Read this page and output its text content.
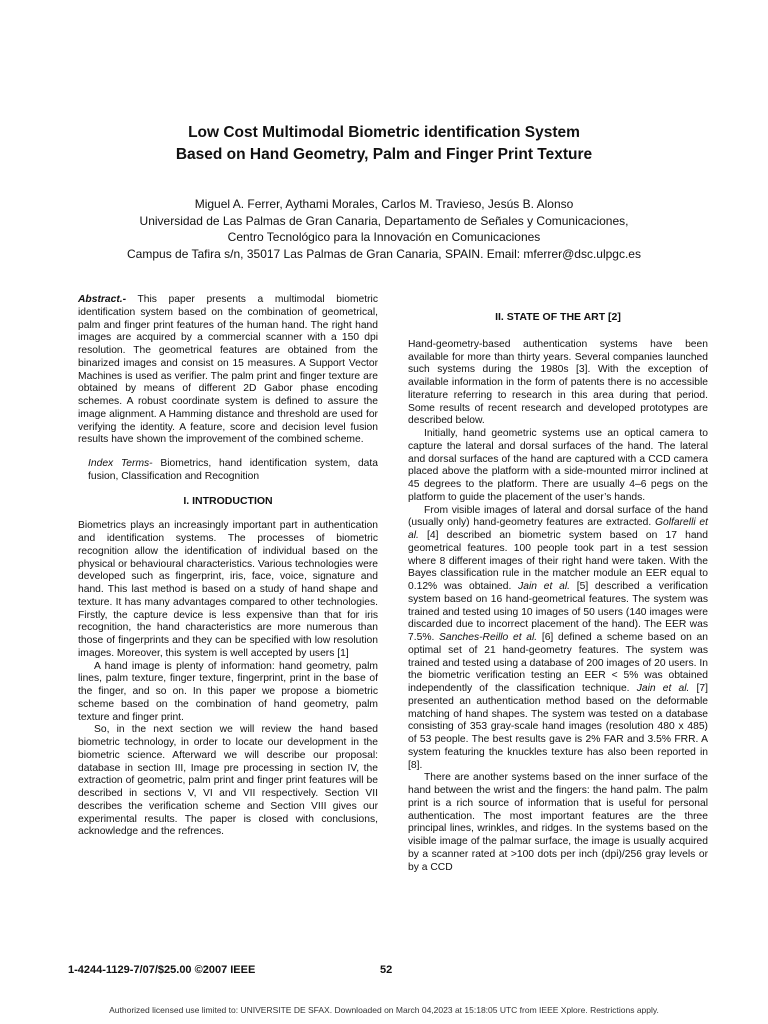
Low Cost Multimodal Biometric identification System
Based on Hand Geometry, Palm and Finger Print Texture
Miguel A. Ferrer, Aythami Morales, Carlos M. Travieso, Jesús B. Alonso
Universidad de Las Palmas de Gran Canaria, Departamento de Señales y Comunicaciones,
Centro Tecnológico para la Innovación en Comunicaciones
Campus de Tafira s/n, 35017 Las Palmas de Gran Canaria, SPAIN. Email: mferrer@dsc.ulpgc.es

Abstract.- This paper presents a multimodal biometric identification system based on the combination of geometrical, palm and finger print features of the human hand. The right hand images are acquired by a commercial scanner with a 150 dpi resolution. The geometrical features are obtained from the binarized images and consist on 15 measures. A Support Vector Machines is used as verifier. The palm print and finger texture are obtained by means of different 2D Gabor phase encoding schemes. A robust coordinate system is defined to assure the image alignment. A Hamming distance and threshold are used for verifying the identity. A feature, score and decision level fusion results have shown the improvement of the combined scheme.

Index Terms- Biometrics, hand identification system, data fusion, Classification and Recognition

I. INTRODUCTION

Biometrics plays an increasingly important part in authentication and identification systems. The processes of biometric recognition allow the identification of individual based on the physical or behavioural characteristics. Various technologies were developed such as fingerprint, iris, face, voice, signature and hand. This last method is based on a study of hand shape and texture. It has many advantages compared to other technologies. Firstly, the capture device is less expensive than that for iris recognition, the hand characteristics are more numerous than those of fingerprints and they can be specified with low resolution images. Moreover, this system is well accepted by users [1]

A hand image is plenty of information: hand geometry, palm lines, palm texture, finger texture, fingerprint, print in the base of the finger, and so on. In this paper we propose a biometric scheme based on the combination of hand geometry, palm texture and finger print.

So, in the next section we will review the hand based biometric technology, in order to locate our development in the biometric science. Afterward we will describe our proposal: database in section III, Image pre processing in section IV, the extraction of geometric, palm print and finger print features will be described in sections V, VI and VII respectively. Section VII describes the verification scheme and Section VIII gives our experimental results. The paper is closed with conclusions, acknowledge and the refrences.

II. STATE OF THE ART [2]

Hand-geometry-based authentication systems have been available for more than thirty years. Several companies launched such systems during the 1980s [3]. With the exception of available information in the form of patents there is no accessible literature referring to research in this area during that period. Some results of recent research and developed prototypes are described below.

Initially, hand geometric systems use an optical camera to capture the lateral and dorsal surfaces of the hand. The lateral and dorsal surfaces of the hand are captured with a CCD camera placed above the platform with a side-mounted mirror inclined at 45 degrees to the platform. There are usually 4–6 pegs on the platform to guide the placement of the user’s hands.

From visible images of lateral and dorsal surface of the hand (usually only) hand-geometry features are extracted. Golfarelli et al. [4] described an biometric system based on 17 hand geometrical features. 100 people took part in a test session where 8 different images of their right hand were taken. With the Bayes classification rule in the matcher module an EER equal to 0.12% was obtained. Jain et al. [5] described a verification system based on 16 hand-geometrical features. The system was trained and tested using 10 images of 50 users (140 images were discarded due to incorrect placement of the hand). The EER was 7.5%. Sanches-Reillo et al. [6] defined a scheme based on an optimal set of 21 hand-geometry features. The system was trained and tested using a database of 200 images of 20 users. In the biometric verification testing an EER < 5% was obtained independently of the classification technique. Jain et al. [7] presented an authentication method based on the deformable matching of hand shapes. The system was tested on a database consisting of 353 gray-scale hand images (resolution 480 x 485) of 53 people. The best results gave is 2% FAR and 3.5% FRR. A system featuring the knuckles texture has also been reported in [8].

There are another systems based on the inner surface of the hand between the wrist and the fingers: the hand palm. The palm print is a rich source of information that is useful for personal authentication. The most important features are the three principal lines, wrinkles, and ridges. In the systems based on the visible image of the palmar surface, the image is usually acquired by a scanner rated at >100 dots per inch (dpi)/256 gray levels or by a CCD

1-4244-1129-7/07/$25.00 ©2007 IEEE	52
Authorized licensed use limited to: UNIVERSITE DE SFAX. Downloaded on March 04,2023 at 15:18:05 UTC from IEEE Xplore. Restrictions apply.
